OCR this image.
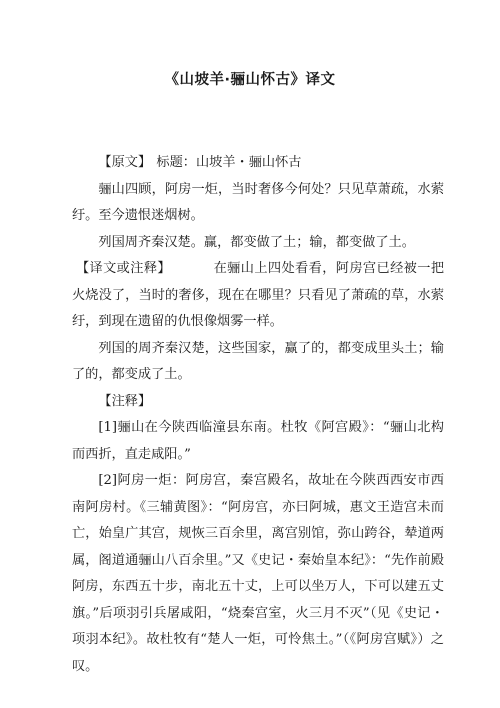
《山坡羊·骊山怀古》译文

【原文】 标题：山坡羊・骊山怀古

骊山四顾，阿房一炬，当时奢侈今何处？只见草萧疏，水萦纡。至今遗恨迷烟树。

列国周齐秦汉楚。赢，都变做了土；输，都变做了土。

【译文或注释】	在骊山上四处看看，阿房宫已经被一把火烧没了，当时的奢侈，现在在哪里？只看见了萧疏的草，水萦纡，到现在遗留的仇恨像烟雾一样。

列国的周齐秦汉楚，这些国家，赢了的，都变成里头土；输了的，都变成了土。

【注释】

[1]骊山在今陕西临潼县东南。杜牧《阿宫殿》：“骊山北构而西折，直走咸阳。”

[2]阿房一炬：阿房宫，秦宫殿名，故址在今陕西西安市西南阿房村。《三辅黄图》：“阿房宫，亦曰阿城，惠文王造宫未而亡，始皇广其宫，规恢三百余里，离宫别馆，弥山跨谷，辇道两属，阁道通骊山八百余里。”又《史记・秦始皇本纪》：“先作前殿阿房，东西五十步，南北五十丈，上可以坐万人，下可以建五丈旗。”后项羽引兵屠咸阳，“烧秦宫室，火三月不灭”（见《史记・项羽本纪》。故杜牧有“楚人一炬，可怜焦土。”（《阿房宫赋》）之叹。
